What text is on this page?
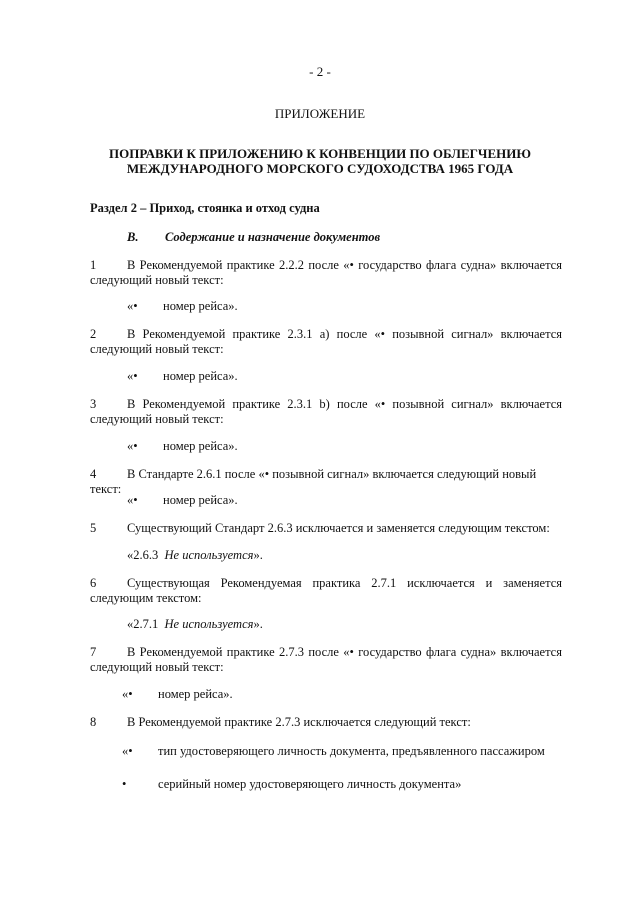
- 2 -
ПРИЛОЖЕНИЕ
ПОПРАВКИ К ПРИЛОЖЕНИЮ К КОНВЕНЦИИ ПО ОБЛЕГЧЕНИЮ
МЕЖДУНАРОДНОГО МОРСКОГО СУДОХОДСТВА 1965 ГОДА
Раздел 2 – Приход, стоянка и отход судна
B. Содержание и назначение документов
1 В Рекомендуемой практике 2.2.2 после «• государство флага судна» включается следующий новый текст:
«• номер рейса».
2 В Рекомендуемой практике 2.3.1 a) после «• позывной сигнал» включается следующий новый текст:
«• номер рейса».
3 В Рекомендуемой практике 2.3.1 b) после «• позывной сигнал» включается следующий новый текст:
«• номер рейса».
4 В Стандарте 2.6.1 после «• позывной сигнал» включается следующий новый текст:
«• номер рейса».
5 Существующий Стандарт 2.6.3 исключается и заменяется следующим текстом:
«2.6.3 Не используется».
6 Существующая Рекомендуемая практика 2.7.1 исключается и заменяется следующим текстом:
«2.7.1 Не используется».
7 В Рекомендуемой практике 2.7.3 после «• государство флага судна» включается следующий новый текст:
«• номер рейса».
8 В Рекомендуемой практике 2.7.3 исключается следующий текст:
«• тип удостоверяющего личность документа, предъявленного пассажиром
•	серийный номер удостоверяющего личность документа»
